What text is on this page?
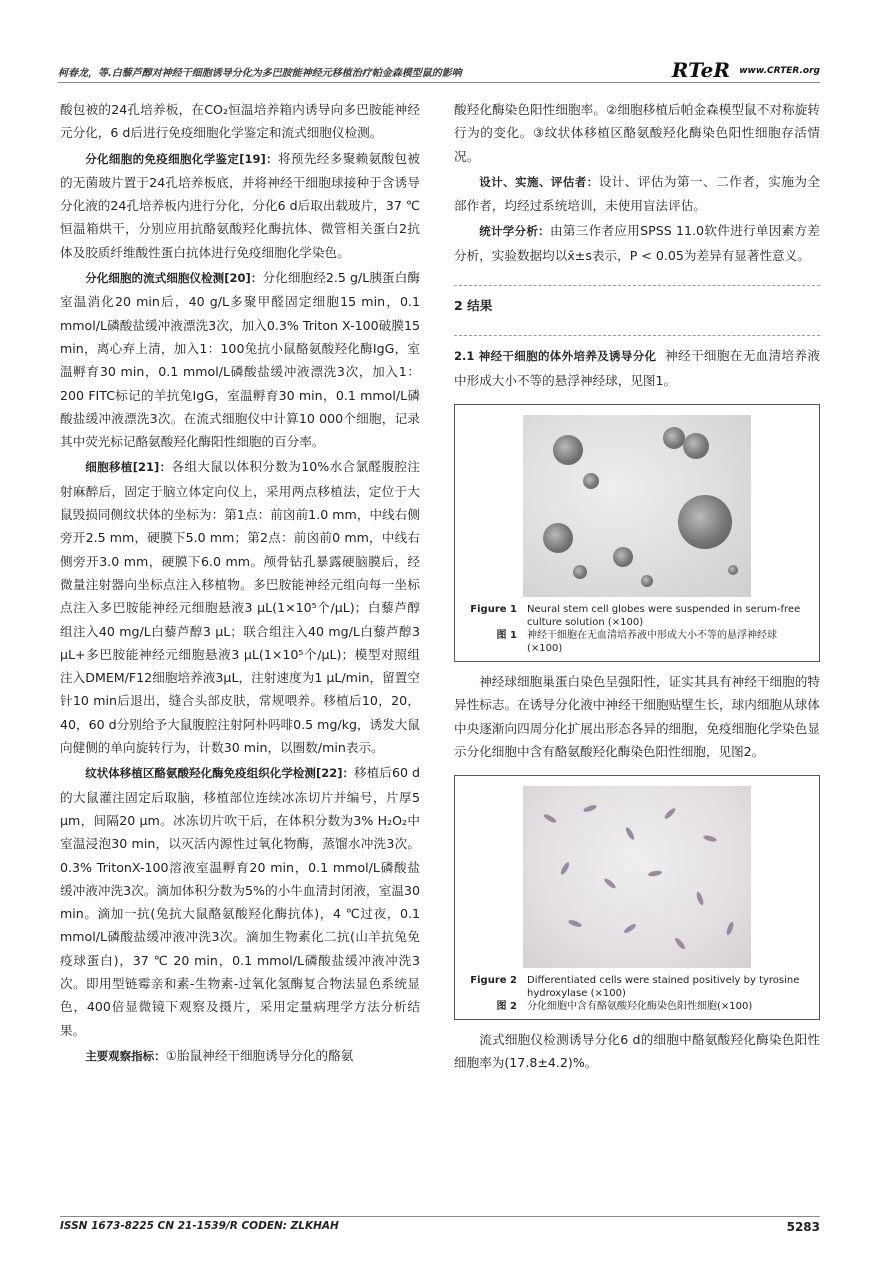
柯春龙，等.白藜芦醇对神经干细胞诱导分化为多巴胺能神经元移植治疗帕金森模型鼠的影响	RTeR www.CRTER.org

酸包被的24孔培养板，在CO₂恒温培养箱内诱导向多巴胺能神经元分化，6 d后进行免疫细胞化学鉴定和流式细胞仪检测。

分化细胞的免疫细胞化学鉴定[19]：将预先经多聚赖氨酸包被的无菌玻片置于24孔培养板底，并将神经干细胞球接种于含诱导分化液的24孔培养板内进行分化，分化6 d后取出载玻片，37 ℃恒温箱烘干，分别应用抗酪氨酸羟化酶抗体、微管相关蛋白2抗体及胶质纤维酸性蛋白抗体进行免疫细胞化学染色。

分化细胞的流式细胞仪检测[20]：分化细胞经2.5 g/L胰蛋白酶室温消化20 min后，40 g/L多聚甲醛固定细胞15 min，0.1 mmol/L磷酸盐缓冲液漂洗3次，加入0.3% Triton X-100破膜15 min，离心弃上清，加入1：100兔抗小鼠酪氨酸羟化酶IgG，室温孵育30 min，0.1 mmol/L磷酸盐缓冲液漂洗3次，加入1：200 FITC标记的羊抗兔IgG，室温孵育30 min，0.1 mmol/L磷酸盐缓冲液漂洗3次。在流式细胞仪中计算10 000个细胞，记录其中荧光标记酪氨酸羟化酶阳性细胞的百分率。

细胞移植[21]：各组大鼠以体积分数为10%水合氯醛腹腔注射麻醉后，固定于脑立体定向仪上，采用两点移植法，定位于大鼠毁损同侧纹状体的坐标为：第1点：前囟前1.0 mm，中线右侧旁开2.5 mm，硬膜下5.0 mm；第2点：前囟前0 mm，中线右侧旁开3.0 mm，硬膜下6.0 mm。颅骨钻孔暴露硬脑膜后，经微量注射器向坐标点注入移植物。多巴胺能神经元组向每一坐标点注入多巴胺能神经元细胞悬液3 μL(1×10⁵个/μL)；白藜芦醇组注入40 mg/L白藜芦醇3 μL；联合组注入40 mg/L白藜芦醇3 μL+多巴胺能神经元细胞悬液3 μL(1×10⁵个/μL)；模型对照组注入DMEM/F12细胞培养液3μL，注射速度为1 μL/min，留置空针10 min后退出，缝合头部皮肤，常规喂养。移植后10，20，40，60 d分别给予大鼠腹腔注射阿朴吗啡0.5 mg/kg，诱发大鼠向健侧的单向旋转行为，计数30 min，以圈数/min表示。

纹状体移植区酪氨酸羟化酶免疫组织化学检测[22]：移植后60 d的大鼠灌注固定后取脑，移植部位连续冰冻切片并编号，片厚5 μm，间隔20 μm。冰冻切片吹干后，在体积分数为3% H₂O₂中室温浸泡30 min，以灭活内源性过氧化物酶，蒸馏水冲洗3次。0.3% TritonX-100溶液室温孵育20 min，0.1 mmol/L磷酸盐缓冲液冲洗3次。滴加体积分数为5%的小牛血清封闭液，室温30 min。滴加一抗(兔抗大鼠酪氨酸羟化酶抗体)，4 ℃过夜，0.1 mmol/L磷酸盐缓冲液冲洗3次。滴加生物素化二抗(山羊抗兔免疫球蛋白)，37 ℃ 20 min，0.1 mmol/L磷酸盐缓冲液冲洗3次。即用型链霉亲和素-生物素-过氧化氢酶复合物法显色系统显色，400倍显微镜下观察及摄片，采用定量病理学方法分析结果。

主要观察指标：①胎鼠神经干细胞诱导分化的酪氨

酸羟化酶染色阳性细胞率。②细胞移植后帕金森模型鼠不对称旋转行为的变化。③纹状体移植区酪氨酸羟化酶染色阳性细胞存活情况。

设计、实施、评估者：设计、评估为第一、二作者，实施为全部作者，均经过系统培训，未使用盲法评估。

统计学分析：由第三作者应用SPSS 11.0软件进行单因素方差分析，实验数据均以x̄±s表示，P < 0.05为差异有显著性意义。

2 结果

2.1 神经干细胞的体外培养及诱导分化 神经干细胞在无血清培养液中形成大小不等的悬浮神经球，见图1。

Figure 1	Neural stem cell globes were suspended in serum-free culture solution (×100)
图 1	神经干细胞在无血清培养液中形成大小不等的悬浮神经球(×100)

神经球细胞巢蛋白染色呈强阳性，证实其具有神经干细胞的特异性标志。在诱导分化液中神经干细胞贴壁生长，球内细胞从球体中央逐渐向四周分化扩展出形态各异的细胞，免疫细胞化学染色显示分化细胞中含有酪氨酸羟化酶染色阳性细胞，见图2。

Figure 2	Differentiated cells were stained positively by tyrosine hydroxylase (×100)
图 2	分化细胞中含有酪氨酸羟化酶染色阳性细胞(×100)

流式细胞仪检测诱导分化6 d的细胞中酪氨酸羟化酶染色阳性细胞率为(17.8±4.2)%。

ISSN 1673-8225 CN 21-1539/R CODEN: ZLKHAH	5283
